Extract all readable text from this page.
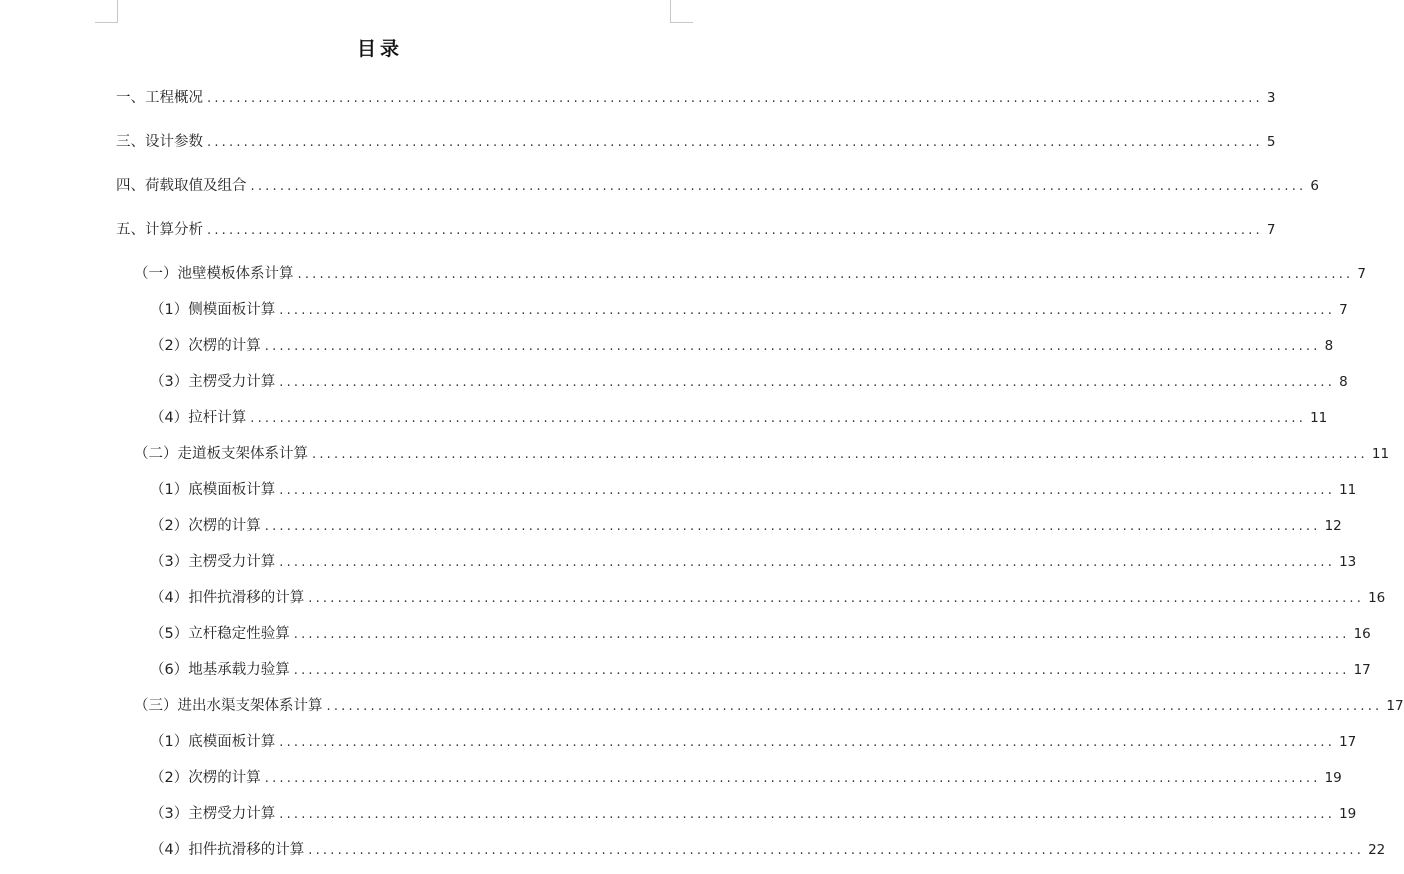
目录
一、工程概况 ................................................................................................................................................ 3
三、设计参数 ................................................................................................................................................ 5
四、荷载取值及组合 ................................................................................................................................................ 6
五、计算分析 ................................................................................................................................................ 7
（一）池壁模板体系计算 ................................................................................................................................................ 7
（1）侧模面板计算 ................................................................................................................................................ 7
（2）次楞的计算 ................................................................................................................................................ 8
（3）主楞受力计算 ................................................................................................................................................ 8
（4）拉杆计算 ................................................................................................................................................ 11
（二）走道板支架体系计算 ................................................................................................................................................ 11
（1）底模面板计算 ................................................................................................................................................ 11
（2）次楞的计算 ................................................................................................................................................ 12
（3）主楞受力计算 ................................................................................................................................................ 13
（4）扣件抗滑移的计算 ................................................................................................................................................ 16
（5）立杆稳定性验算 ................................................................................................................................................ 16
（6）地基承载力验算 ................................................................................................................................................ 17
（三）进出水渠支架体系计算 ................................................................................................................................................ 17
（1）底模面板计算 ................................................................................................................................................ 17
（2）次楞的计算 ................................................................................................................................................ 19
（3）主楞受力计算 ................................................................................................................................................ 19
（4）扣件抗滑移的计算 ................................................................................................................................................ 22
